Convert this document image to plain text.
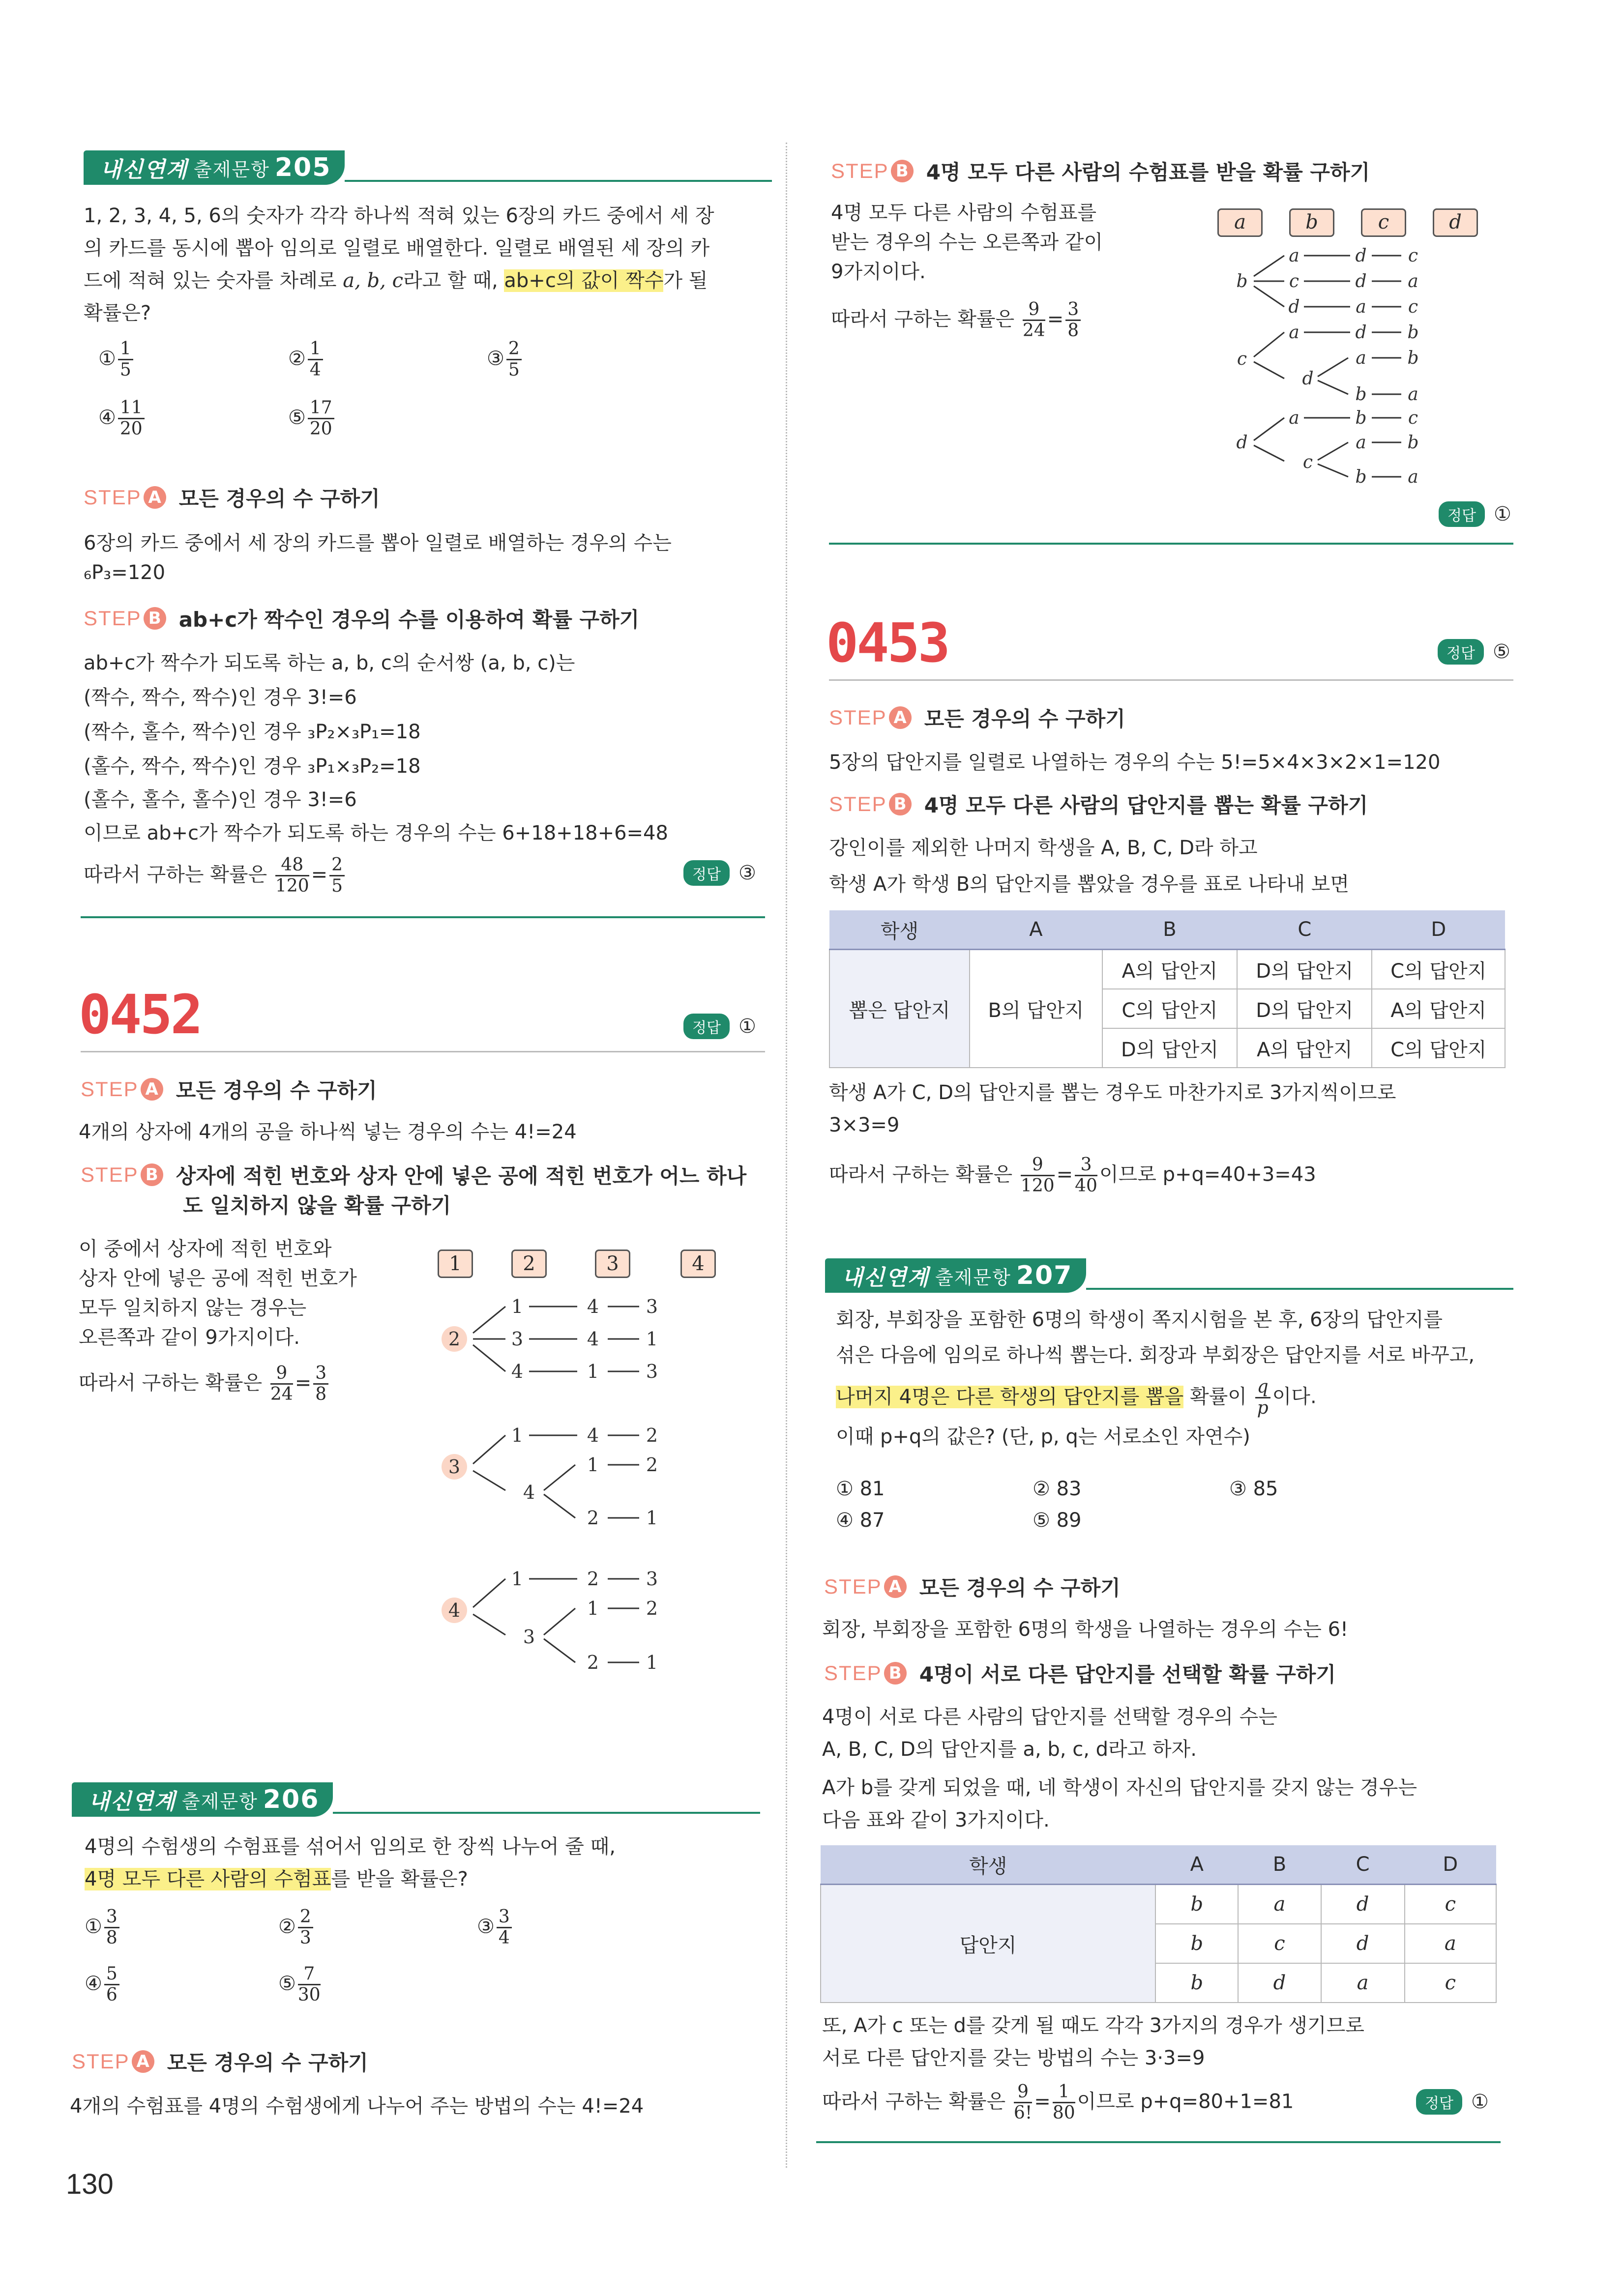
내신연계 출제문항 205
1, 2, 3, 4, 5, 6의 숫자가 각각 하나씩 적혀 있는 6장의 카드 중에서 세 장
의 카드를 동시에 뽑아 임의로 일렬로 배열한다. 일렬로 배열된 세 장의 카
드에 적혀 있는 숫자를 차례로 a, b, c라고 할 때, ab+c의 값이 짝수가 될
확률은?
① $\frac{1}{5}$	② $\frac{1}{4}$	③ $\frac{2}{5}$
④ $\frac{11}{20}$	⑤ $\frac{17}{20}$
STEP A 모든 경우의 수 구하기
6장의 카드 중에서 세 장의 카드를 뽑아 일렬로 배열하는 경우의 수는
₆P₃=120
STEP B ab+c가 짝수인 경우의 수를 이용하여 확률 구하기
ab+c가 짝수가 되도록 하는 a, b, c의 순서쌍 (a, b, c)는
(짝수, 짝수, 짝수)인 경우 3!=6
(짝수, 홀수, 짝수)인 경우 ₃P₂×₃P₁=18
(홀수, 짝수, 짝수)인 경우 ₃P₁×₃P₂=18
(홀수, 홀수, 홀수)인 경우 3!=6
이므로 ab+c가 짝수가 되도록 하는 경우의 수는 6+18+18+6=48
따라서 구하는 확률은 $\frac{48}{120} = \frac{2}{5}$	정답 ③
0452	정답 ①
STEP A 모든 경우의 수 구하기
4개의 상자에 4개의 공을 하나씩 넣는 경우의 수는 4!=24
STEP B 상자에 적힌 번호와 상자 안에 넣은 공에 적힌 번호가 어느 하나
도 일치하지 않을 확률 구하기
이 중에서 상자에 적힌 번호와
상자 안에 넣은 공에 적힌 번호가
모두 일치하지 않는 경우는
오른쪽과 같이 9가지이다.
따라서 구하는 확률은 $\frac{9}{24} = \frac{3}{8}$
1	2	3	4
2
1	4	3
3	4	1
4	1	3
3
1	4	2
4
1	2
2	1
4
1	2	3
3
1	2
2	1
내신연계 출제문항 206
4명의 수험생의 수험표를 섞어서 임의로 한 장씩 나누어 줄 때,
4명 모두 다른 사람의 수험표를 받을 확률은?
① $\frac{3}{8}$	② $\frac{2}{3}$	③ $\frac{3}{4}$
④ $\frac{5}{6}$	⑤ $\frac{7}{30}$
STEP A 모든 경우의 수 구하기
4개의 수험표를 4명의 수험생에게 나누어 주는 방법의 수는 4!=24
130
STEP B 4명 모두 다른 사람의 수험표를 받을 확률 구하기
4명 모두 다른 사람의 수험표를
받는 경우의 수는 오른쪽과 같이
9가지이다.
따라서 구하는 확률은 $\frac{9}{24} = \frac{3}{8}$
a	b	c	d
b
a	d c
c	d a
d	a c
c
a	d b
d
a b
b a
d
a	b c
c
a b
b a
정답 ①
0453	정답 ⑤
STEP A 모든 경우의 수 구하기
5장의 답안지를 일렬로 나열하는 경우의 수는 5!=5×4×3×2×1=120
STEP B 4명 모두 다른 사람의 답안지를 뽑는 확률 구하기
강인이를 제외한 나머지 학생을 A, B, C, D라 하고
학생 A가 학생 B의 답안지를 뽑았을 경우를 표로 나타내 보면
학생	A	B	C	D
뽑은 답안지	B의 답안지	A의 답안지	D의 답안지	C의 답안지
		C의 답안지	D의 답안지	A의 답안지
		D의 답안지	A의 답안지	C의 답안지
학생 A가 C, D의 답안지를 뽑는 경우도 마찬가지로 3가지씩이므로
3×3=9
따라서 구하는 확률은 $\frac{9}{120} = \frac{3}{40}$ 이므로 p+q=40+3=43
내신연계 출제문항 207
회장, 부회장을 포함한 6명의 학생이 쪽지시험을 본 후, 6장의 답안지를
섞은 다음에 임의로 하나씩 뽑는다. 회장과 부회장은 답안지를 서로 바꾸고,
나머지 4명은 다른 학생의 답안지를 뽑을 확률이 $\frac{q}{p}$ 이다.
이때 p+q의 값은? (단, p, q는 서로소인 자연수)
① 81	② 83	③ 85
④ 87	⑤ 89
STEP A 모든 경우의 수 구하기
회장, 부회장을 포함한 6명의 학생을 나열하는 경우의 수는 6!
STEP B 4명이 서로 다른 답안지를 선택할 확률 구하기
4명이 서로 다른 사람의 답안지를 선택할 경우의 수는
A, B, C, D의 답안지를 a, b, c, d라고 하자.
A가 b를 갖게 되었을 때, 네 학생이 자신의 답안지를 갖지 않는 경우는
다음 표와 같이 3가지이다.
학생	A	B	C	D
답안지	b	a	d	c
	b	c	d	a
	b	d	a	c
또, A가 c 또는 d를 갖게 될 때도 각각 3가지의 경우가 생기므로
서로 다른 답안지를 갖는 방법의 수는 3·3=9
따라서 구하는 확률은 $\frac{9}{6!} = \frac{1}{80}$ 이므로 p+q=80+1=81	정답 ①
